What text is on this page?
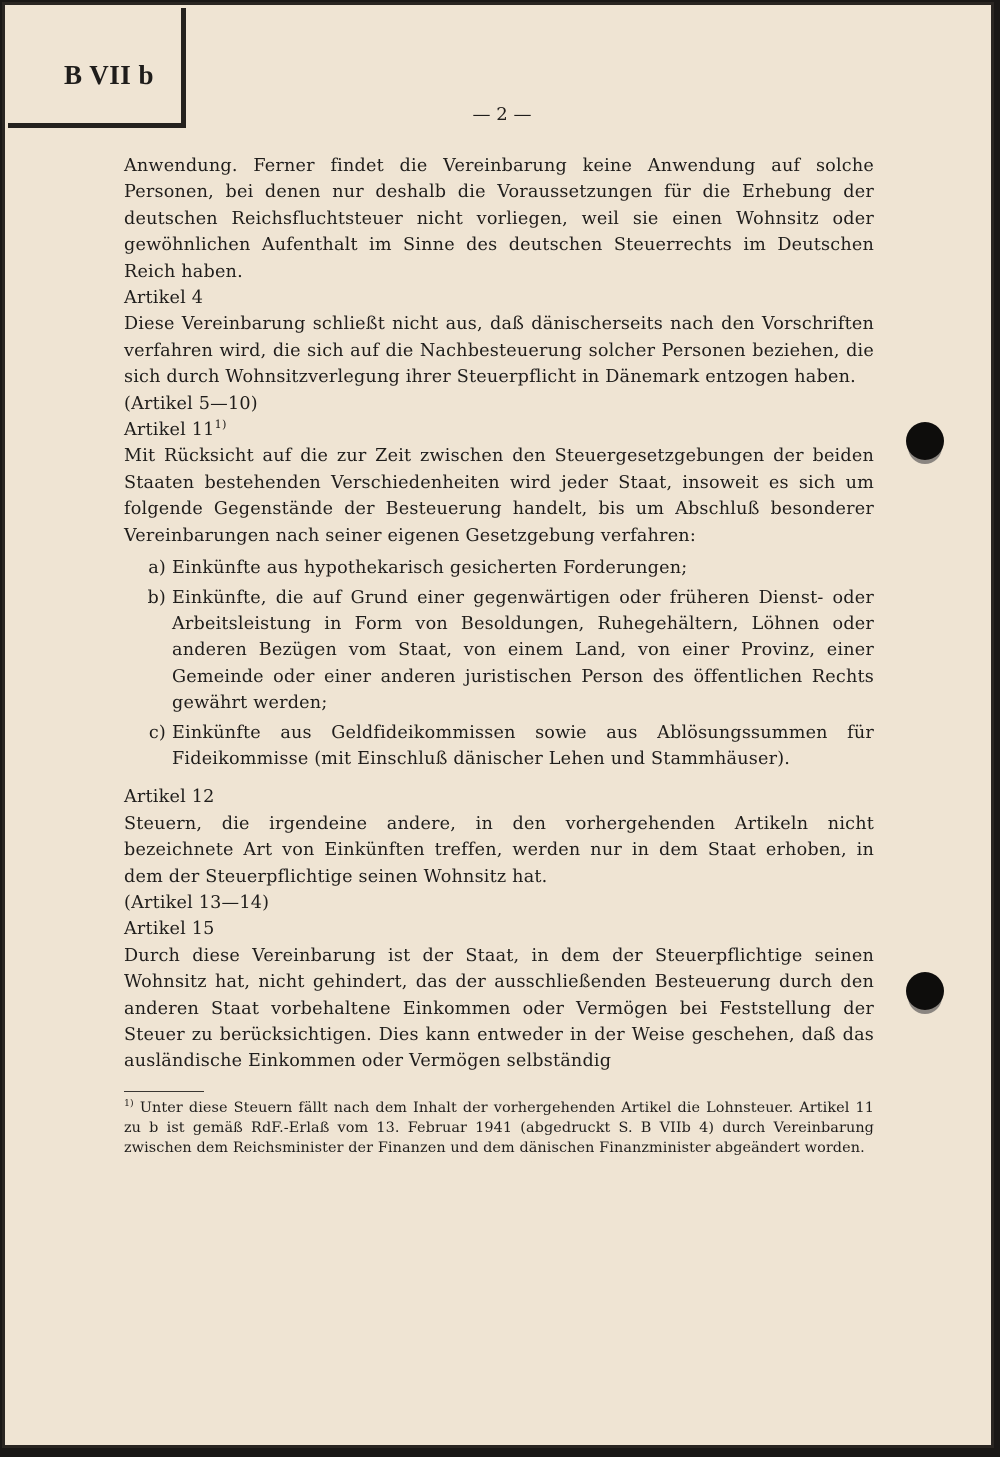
B VII b
— 2 —

Anwendung. Ferner findet die Vereinbarung keine Anwendung auf solche Personen, bei denen nur deshalb die Voraussetzungen für die Erhebung der deutschen Reichsfluchtsteuer nicht vorliegen, weil sie einen Wohnsitz oder gewöhnlichen Aufenthalt im Sinne des deutschen Steuerrechts im Deutschen Reich haben.

Artikel 4

Diese Vereinbarung schließt nicht aus, daß dänischerseits nach den Vorschriften verfahren wird, die sich auf die Nachbesteuerung solcher Personen beziehen, die sich durch Wohnsitzverlegung ihrer Steuerpflicht in Dänemark entzogen haben.

(Artikel 5—10)

Artikel 11$^{1)}$

Mit Rücksicht auf die zur Zeit zwischen den Steuergesetzgebungen der beiden Staaten bestehenden Verschiedenheiten wird jeder Staat, insoweit es sich um folgende Gegenstände der Besteuerung handelt, bis um Abschluß besonderer Vereinbarungen nach seiner eigenen Gesetzgebung verfahren:

a) Einkünfte aus hypothekarisch gesicherten Forderungen;
b) Einkünfte, die auf Grund einer gegenwärtigen oder früheren Dienst- oder Arbeitsleistung in Form von Besoldungen, Ruhegehältern, Löhnen oder anderen Bezügen vom Staat, von einem Land, von einer Provinz, einer Gemeinde oder einer anderen juristischen Person des öffentlichen Rechts gewährt werden;
c) Einkünfte aus Geldfideikommissen sowie aus Ablösungssummen für Fideikommisse (mit Einschluß dänischer Lehen und Stammhäuser).

Artikel 12

Steuern, die irgendeine andere, in den vorhergehenden Artikeln nicht bezeichnete Art von Einkünften treffen, werden nur in dem Staat erhoben, in dem der Steuerpflichtige seinen Wohnsitz hat.

(Artikel 13—14)

Artikel 15

Durch diese Vereinbarung ist der Staat, in dem der Steuerpflichtige seinen Wohnsitz hat, nicht gehindert, das der ausschließenden Besteuerung durch den anderen Staat vorbehaltene Einkommen oder Vermögen bei Feststellung der Steuer zu berücksichtigen. Dies kann entweder in der Weise geschehen, daß das ausländische Einkommen oder Vermögen selbständig

$^{1)}$ Unter diese Steuern fällt nach dem Inhalt der vorhergehenden Artikel die Lohnsteuer. Artikel 11 zu b ist gemäß RdF.-Erlaß vom 13. Februar 1941 (abgedruckt S. B VIIb 4) durch Vereinbarung zwischen dem Reichsminister der Finanzen und dem dänischen Finanzminister abgeändert worden.
